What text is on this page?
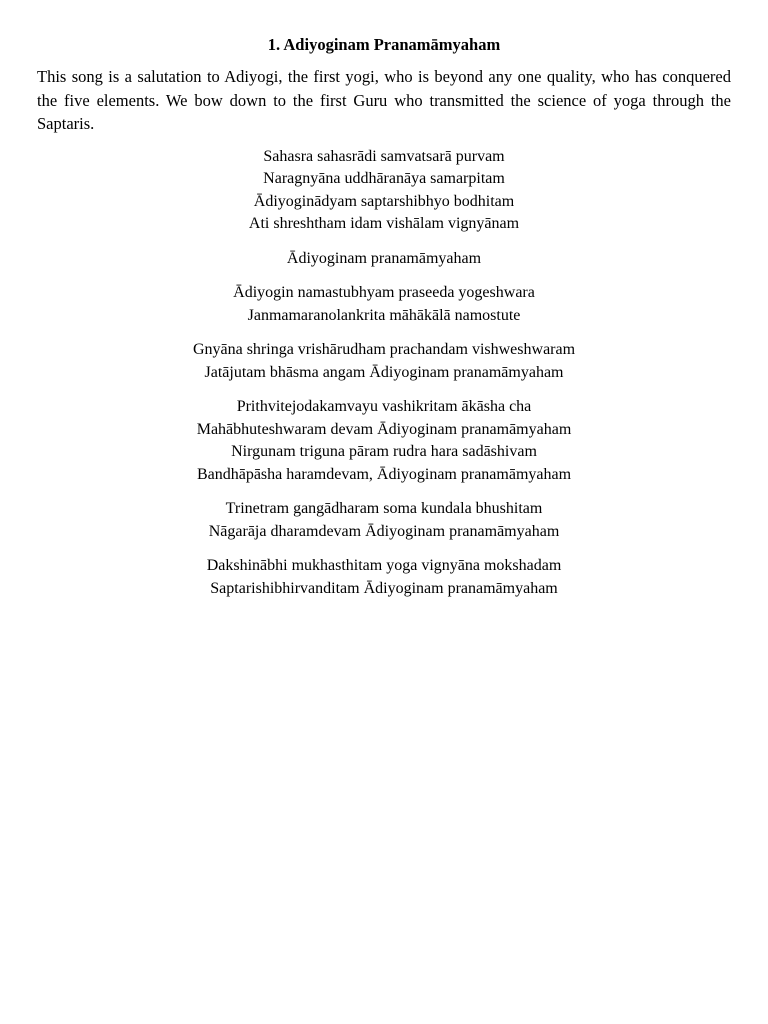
1. Adiyoginam Pranamāmyaham
This song is a salutation to Adiyogi, the first yogi, who is beyond any one quality, who has conquered the five elements. We bow down to the first Guru who transmitted the science of yoga through the Saptaris.
Sahasra sahasrādi samvatsarā purvam
Naragnyāna uddhāranāya samarpitam
Ādiyoginādyam saptarshibhyo bodhitam
Ati shreshtham idam vishālam vignyānam
Ādiyoginam pranamāmyaham
Ādiyogin namastubhyam praseeda yogeshwara
Janmamaranolankrita māhākālā namostute
Gnyāna shringa vrishārudham prachandam vishweshwaram
Jatājutam bhāsma angam Ādiyoginam pranamāmyaham
Prithvitejodakamvayu vashikritam ākāsha cha
Mahābhuteshwaram devam Ādiyoginam pranamāmyaham
Nirgunam triguna pāram rudra hara sadāshivam
Bandhāpāsha haramdevam, Ādiyoginam pranamāmyaham
Trinetram gangādharam soma kundala bhushitam
Nāgarāja dharamdevam Ādiyoginam pranamāmyaham
Dakshinābhi mukhasthitam yoga vignyāna mokshadam
Saptarishibhirvanditam Ādiyoginam pranamāmyaham
